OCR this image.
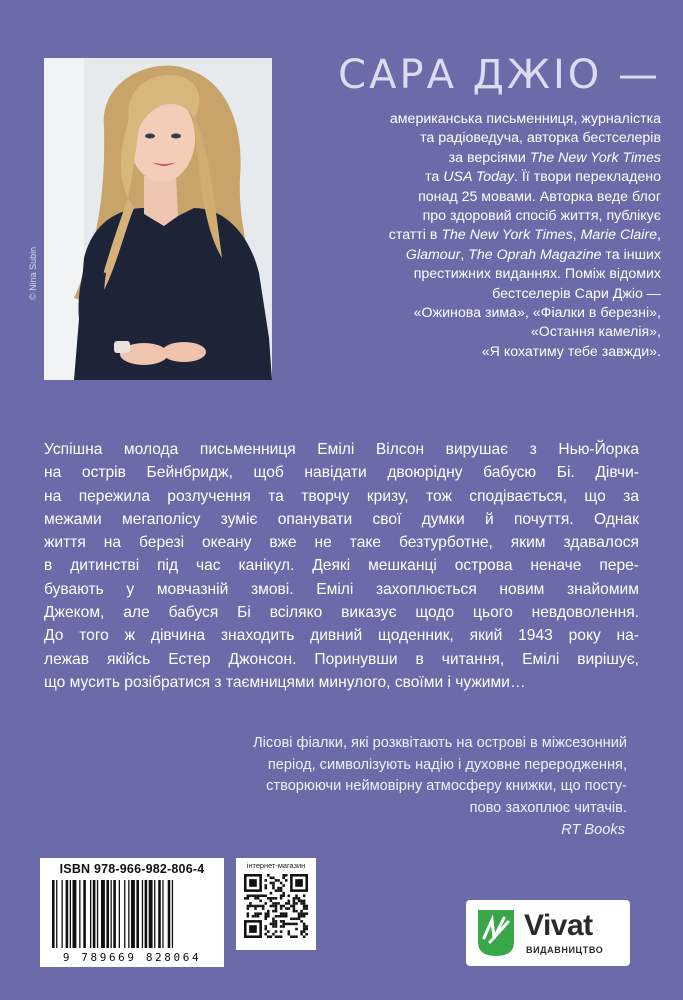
© Nina Subin
САРА ДЖІО —

американська письменниця, журналістка

та радіоведуча, авторка бестселерів

за версіями The New York Times

та USA Today. Її твори перекладено

понад 25 мовами. Авторка веде блог

про здоровий спосіб життя, публікує

статті в The New York Times, Marie Claire,

Glamour, The Oprah Magazine та інших

престижних виданнях. Поміж відомих

бестселерів Сари Джіо —

«Ожинова зима», «Фіалки в березні»,

«Остання камелія»,

«Я кохатиму тебе завжди».

Успішна молода письменниця Емілі Вілсон вирушає з Нью-Йорка

на острів Бейнбридж, щоб навідати двоюрідну бабусю Бі. Дівчи-

на пережила розлучення та творчу кризу, тож сподівається, що за

межами мегаполісу зуміє опанувати свої думки й почуття. Однак

життя на березі океану вже не таке безтурботне, яким здавалося

в дитинстві під час канікул. Деякі мешканці острова неначе пере-

бувають у мовчазній змові. Емілі захоплюється новим знайомим

Джеком, але бабуся Бі всіляко виказує щодо цього невдоволення.

До того ж дівчина знаходить дивний щоденник, який 1943 року на-

лежав якійсь Естер Джонсон. Поринувши в читання, Емілі вирішує,

що мусить розібратися з таємницями минулого, своїми і чужими…

Лісові фіалки, які розквітають на острові в міжсезонний

період, символізують надію і духовне переродження,

створюючи неймовірну атмосферу книжки, що посту-

пово захоплює читачів.

RT Books
ISBN 978-966-982-806-4
9 789669 828064
інтернет-магазин
Vivat
ВИДАВНИЦТВО
